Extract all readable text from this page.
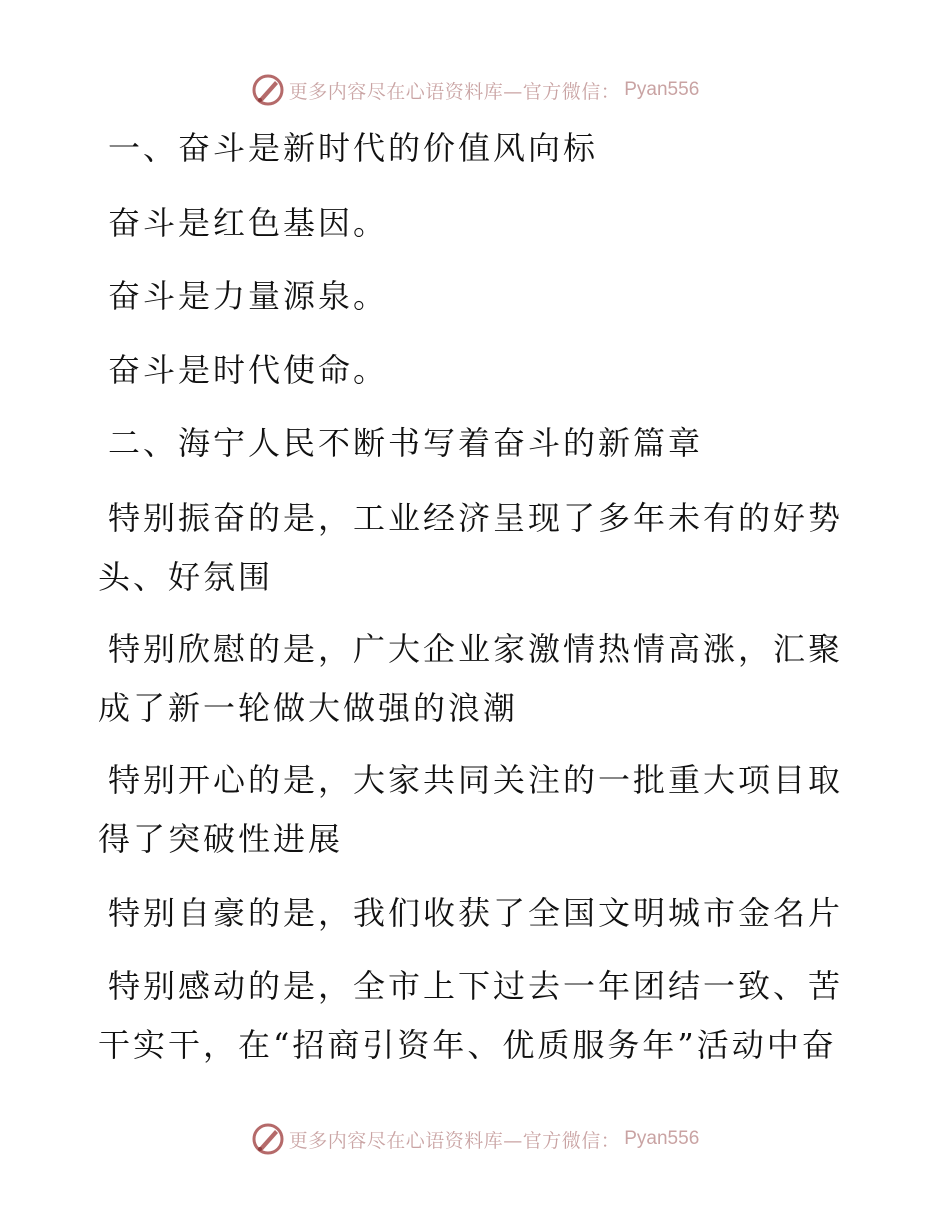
更多内容尽在心语资料库—官方微信： Pyan556
一、奋斗是新时代的价值风向标
奋斗是红色基因。
奋斗是力量源泉。
奋斗是时代使命。
二、海宁人民不断书写着奋斗的新篇章
特别振奋的是，工业经济呈现了多年未有的好势
头、好氛围
特别欣慰的是，广大企业家激情热情高涨，汇聚
成了新一轮做大做强的浪潮
特别开心的是，大家共同关注的一批重大项目取
得了突破性进展
特别自豪的是，我们收获了全国文明城市金名片
特别感动的是，全市上下过去一年团结一致、苦
干实干，在“招商引资年、优质服务年”活动中奋
更多内容尽在心语资料库—官方微信： Pyan556
